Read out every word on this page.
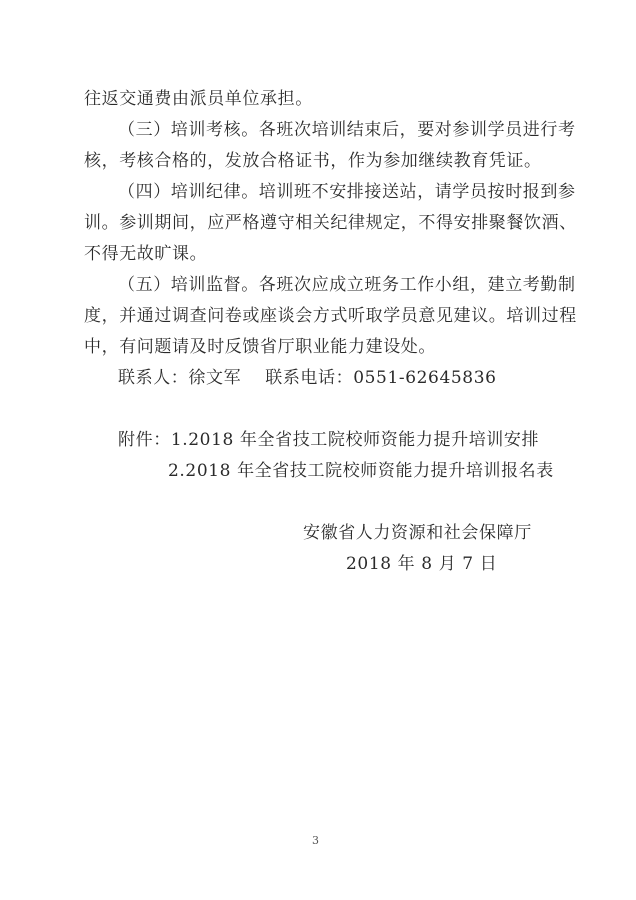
往返交通费由派员单位承担。
（三）培训考核。各班次培训结束后，要对参训学员进行考
核，考核合格的，发放合格证书，作为参加继续教育凭证。
（四）培训纪律。培训班不安排接送站，请学员按时报到参
训。参训期间，应严格遵守相关纪律规定，不得安排聚餐饮酒、
不得无故旷课。
（五）培训监督。各班次应成立班务工作小组，建立考勤制
度，并通过调查问卷或座谈会方式听取学员意见建议。培训过程
中，有问题请及时反馈省厅职业能力建设处。
联系人：徐文军 联系电话：0551-62645836
附件：1.2018 年全省技工院校师资能力提升培训安排
2.2018 年全省技工院校师资能力提升培训报名表
安徽省人力资源和社会保障厅
2018 年 8 月 7 日
3
